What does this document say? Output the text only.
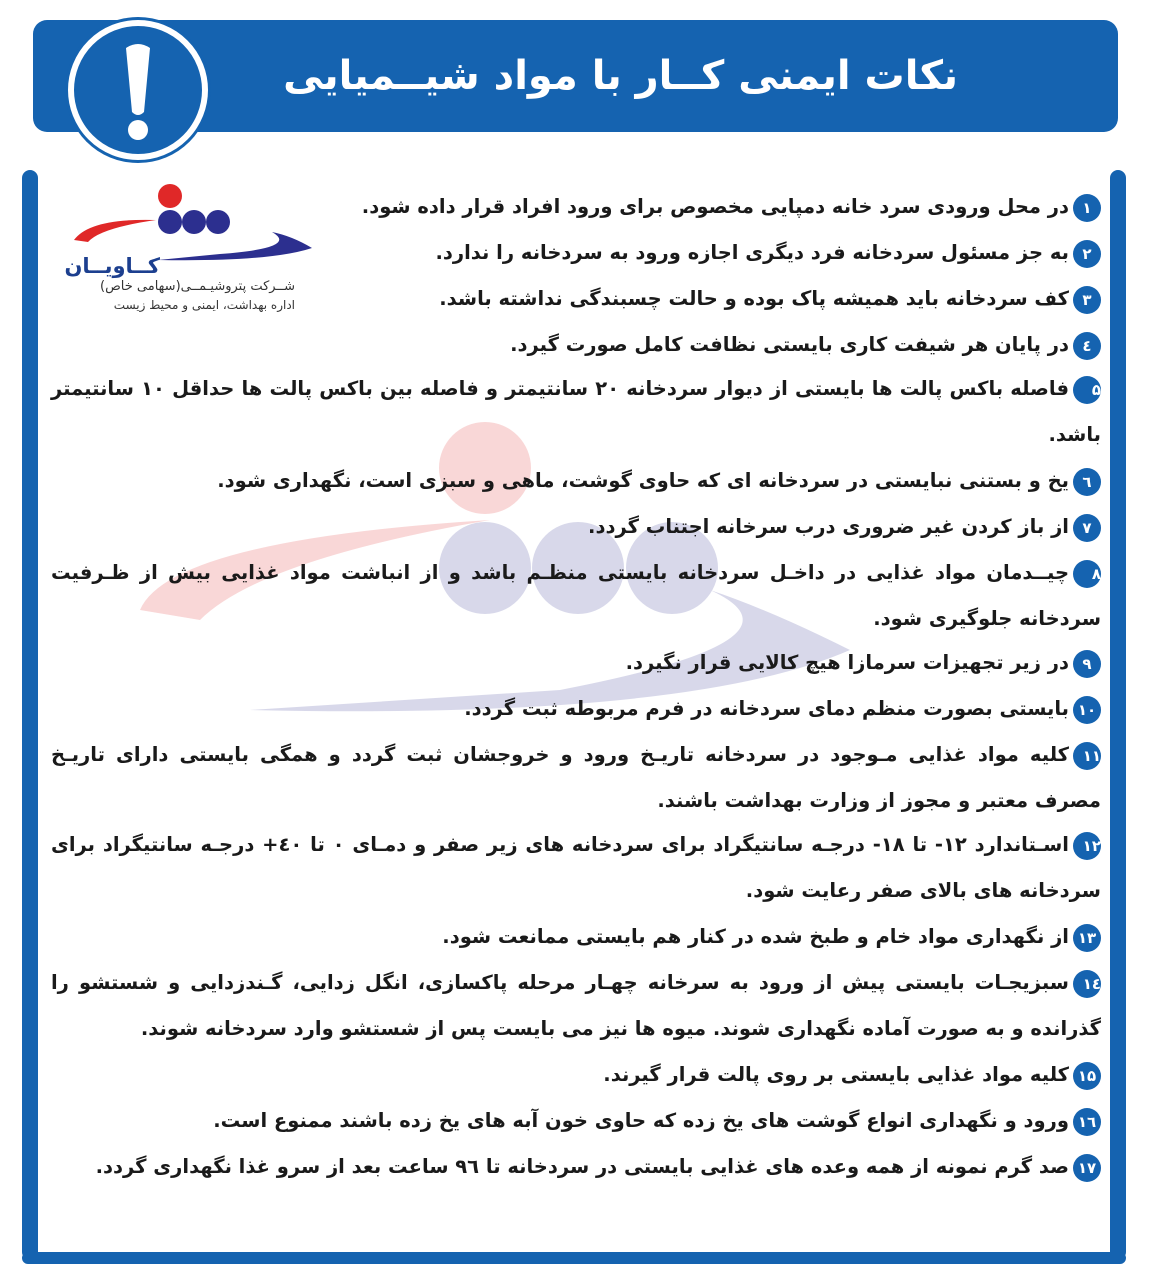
نکات ایمنی کــار با مواد شیــمیایی
کــاویــان
شــرکت پتروشیـمــی(سهامی خاص)
اداره بهداشت، ایمنی و محیط زیست
۱در محل ورودی سرد خانه دمپایی مخصوص برای ورود افراد قرار داده شود.
۲به جز مسئول سردخانه فرد دیگری اجازه ورود به سردخانه را ندارد.
۳کف سردخانه باید همیشه پاک بوده و حالت چسبندگی نداشته باشد.
٤در پایان هر شیفت کاری بایستی نظافت کامل صورت گیرد.
۵فاصله باکس پالت ها بایستی از دیوار سردخانه ۲۰ سانتیمتر و فاصله بین باکس پالت ها حداقل ۱۰ سانتیمتر باشد.
٦یخ و بستنی نبایستی در سردخانه ای که حاوی گوشت، ماهی و سبزی است، نگهداری شود.
۷از باز کردن غیر ضروری درب سرخانه اجتناب گردد.
۸چیــدمان مواد غذایی در داخـل سردخانه بایستی منظـم باشد و از انباشت مواد غذایی بیش از ظـرفیت سردخانه جلوگیری شود.
۹در زیر تجهیزات سرمازا هیچ کالایی قرار نگیرد.
۱۰بایستی بصورت منظم دمای سردخانه در فرم مربوطه ثبت گردد.
۱۱کلیه مواد غذایی مـوجود در سردخانه تاریـخ ورود و خروجشان ثبت گردد و همگی بایستی دارای تاریـخ مصرف معتبر و مجوز از وزارت بهداشت باشند.
۱۲اسـتاندارد ۱۲- تا ۱۸- درجـه سانتیگراد برای سردخانه های زیر صفر و دمـای ۰ تا ٤۰+ درجـه سانتیگراد برای سردخانه های بالای صفر رعایت شود.
۱۳از نگهداری مواد خام و طبخ شده در کنار هم بایستی ممانعت شود.
۱٤سبزیجـات بایستی پیش از ورود به سرخانه چهـار مرحله پاکسازی، انگل زدایی، گـندزدایی و شستشو را گذرانده و به صورت آماده نگهداری شوند. میوه ها نیز می بایست پس از شستشو وارد سردخانه شوند.
۱۵کلیه مواد غذایی بایستی بر روی پالت قرار گیرند.
۱٦ورود و نگهداری انواع گوشت های یخ زده که حاوی خون آبه های یخ زده باشند ممنوع است.
۱۷صد گرم نمونه از همه وعده های غذایی بایستی در سردخانه تا ۹٦ ساعت بعد از سرو غذا نگهداری گردد.
